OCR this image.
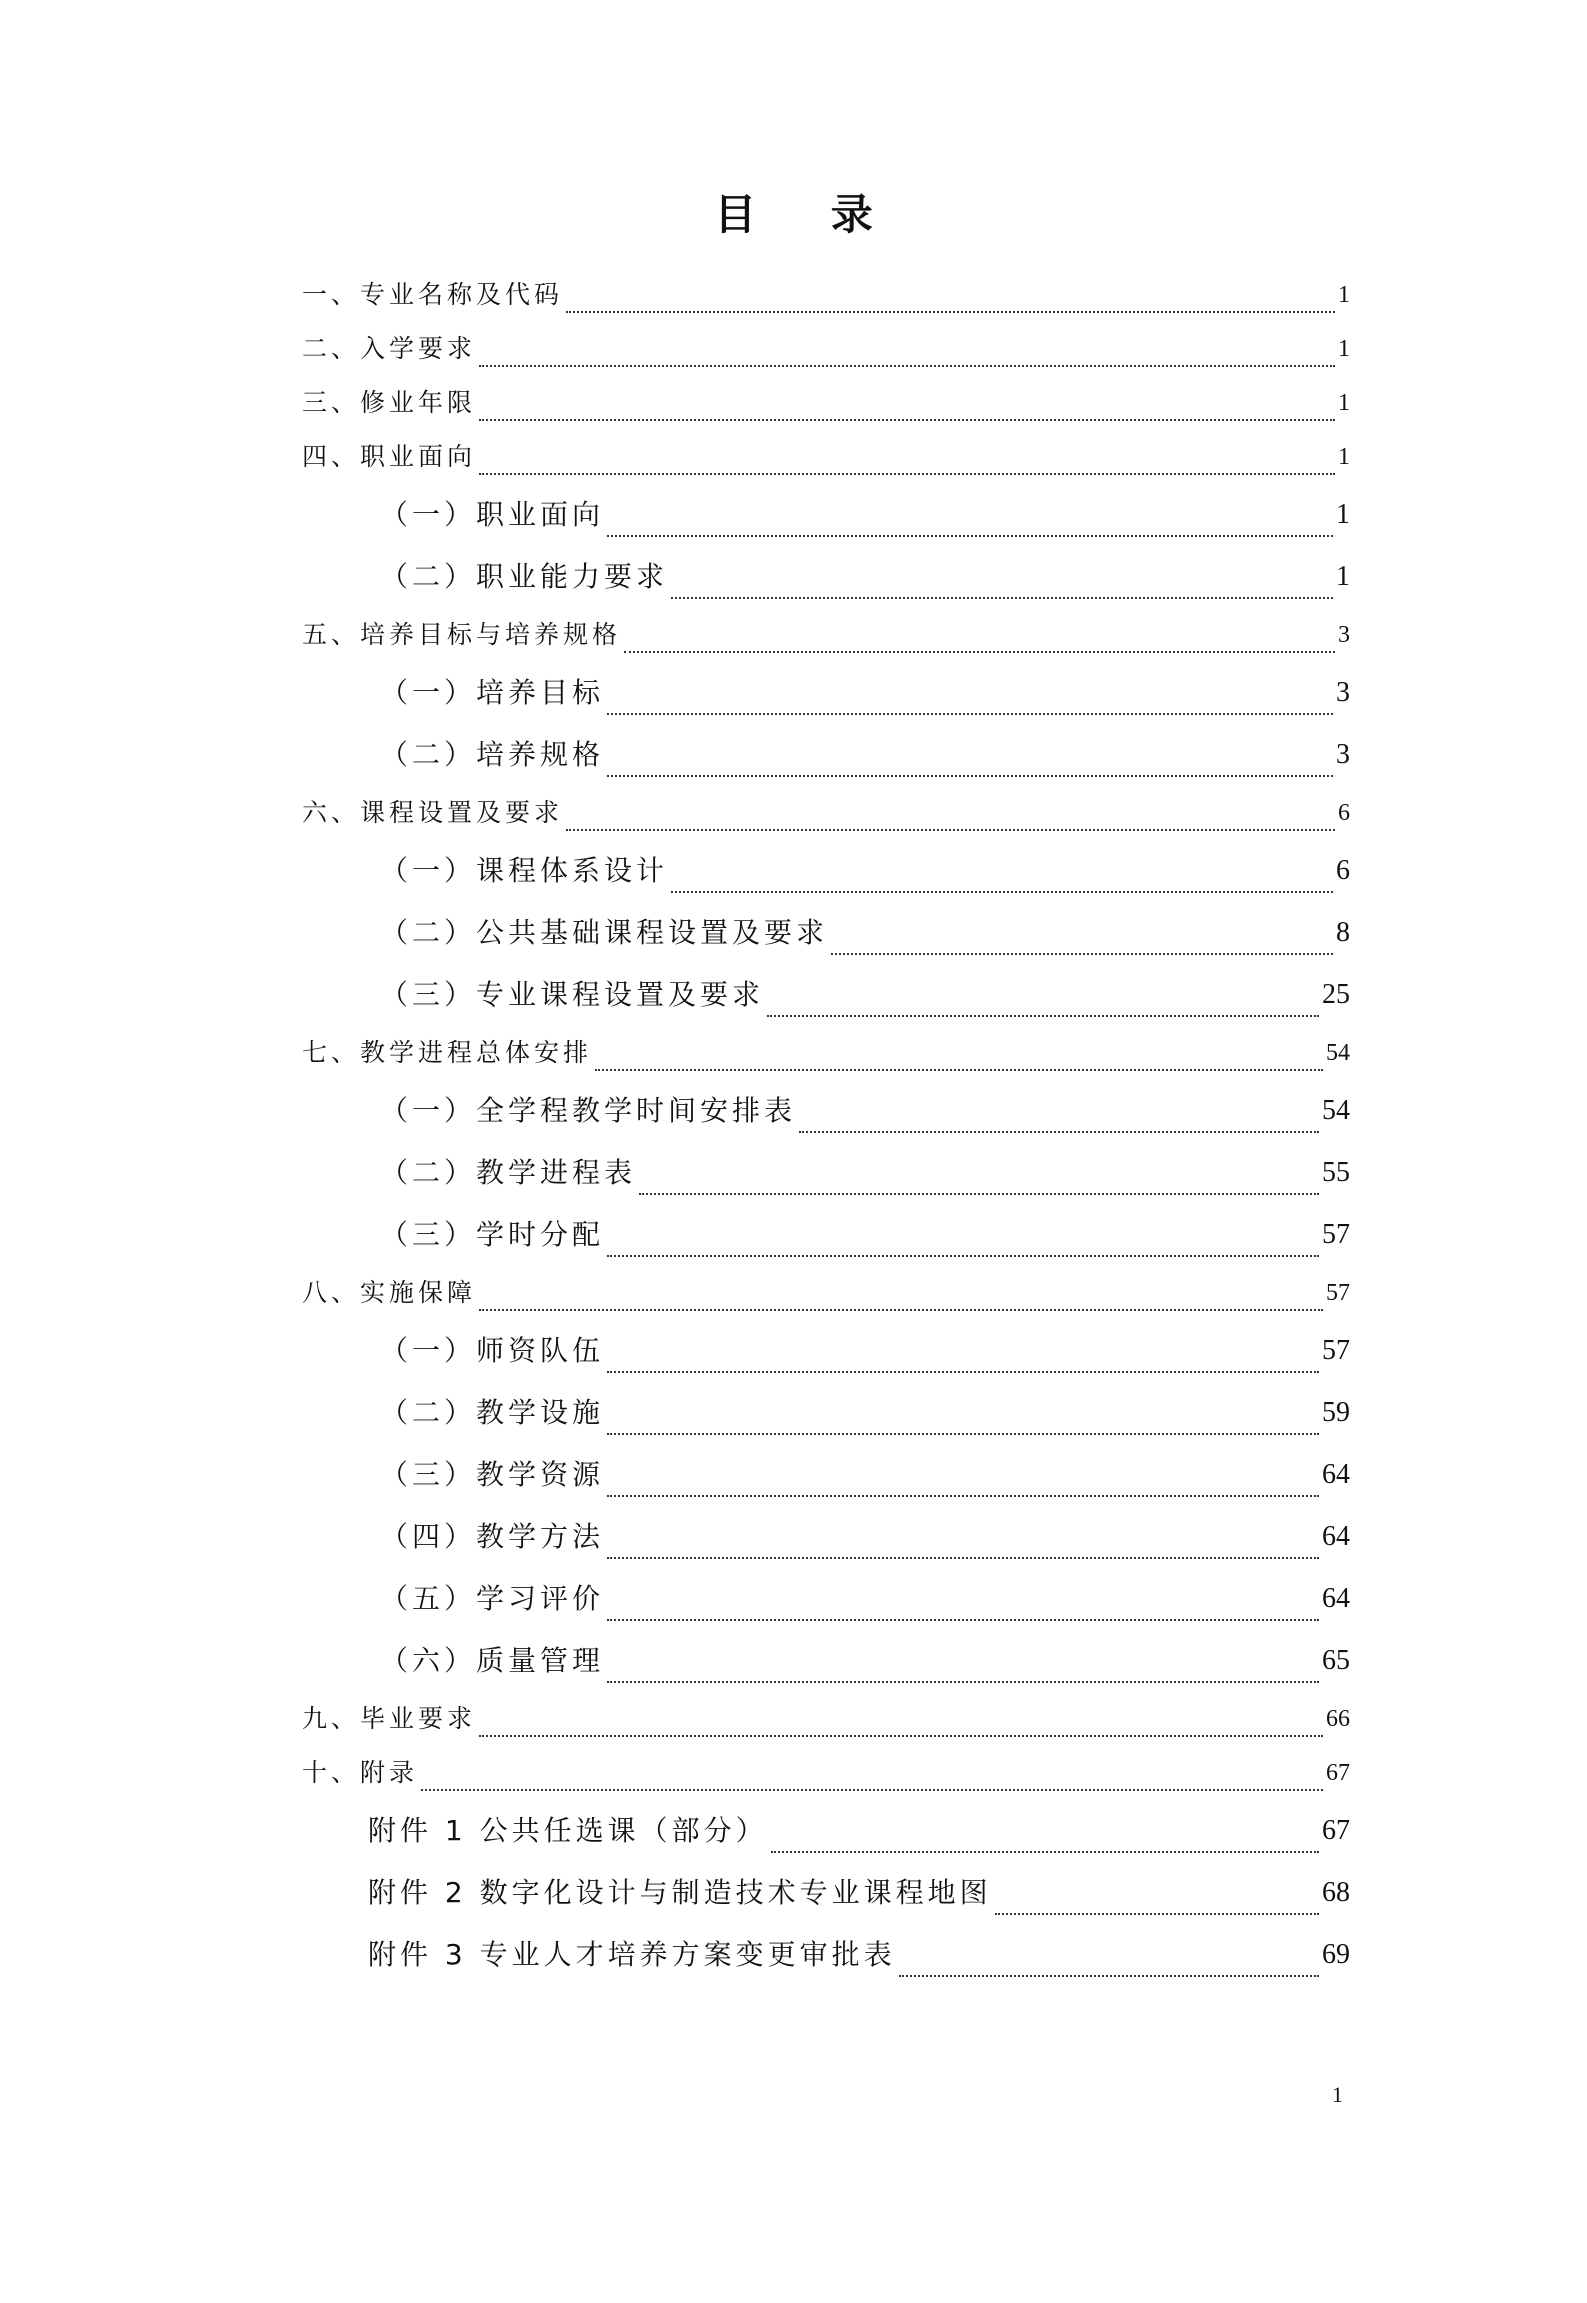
目 录
一、专业名称及代码	1
二、入学要求	1
三、修业年限	1
四、职业面向	1
（一）职业面向	1
（二）职业能力要求	1
五、培养目标与培养规格	3
（一）培养目标	3
（二）培养规格	3
六、课程设置及要求	6
（一）课程体系设计	6
（二）公共基础课程设置及要求	8
（三）专业课程设置及要求	25
七、教学进程总体安排	54
（一）全学程教学时间安排表	54
（二）教学进程表	55
（三）学时分配	57
八、实施保障	57
（一）师资队伍	57
（二）教学设施	59
（三）教学资源	64
（四）教学方法	64
（五）学习评价	64
（六）质量管理	65
九、毕业要求	66
十、附录	67
附件 1 公共任选课（部分）	67
附件 2 数字化设计与制造技术专业课程地图	68
附件 3 专业人才培养方案变更审批表	69
1
